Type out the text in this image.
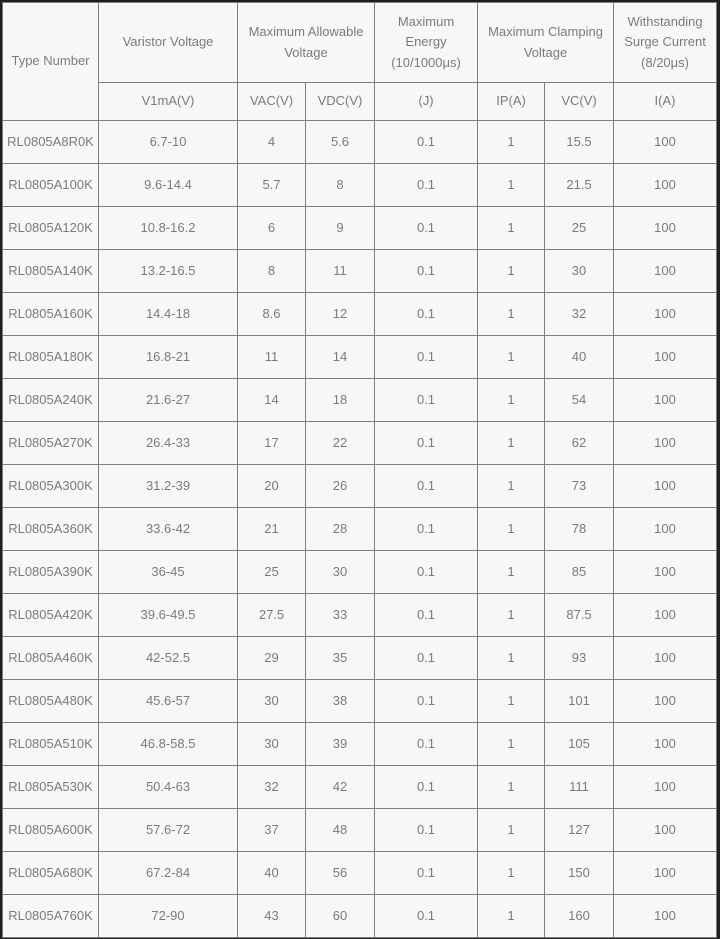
Type Number	Varistor Voltage	Maximum Allowable Voltage		Maximum Energy (10/1000μs)	Maximum Clamping Voltage		Withstanding Surge Current (8/20μs)
	V1mA(V)	VAC(V)	VDC(V)	(J)	IP(A)	VC(V)	I(A)
RL0805A8R0K	6.7-10	4	5.6	0.1	1	15.5	100
RL0805A100K	9.6-14.4	5.7	8	0.1	1	21.5	100
RL0805A120K	10.8-16.2	6	9	0.1	1	25	100
RL0805A140K	13.2-16.5	8	11	0.1	1	30	100
RL0805A160K	14.4-18	8.6	12	0.1	1	32	100
RL0805A180K	16.8-21	11	14	0.1	1	40	100
RL0805A240K	21.6-27	14	18	0.1	1	54	100
RL0805A270K	26.4-33	17	22	0.1	1	62	100
RL0805A300K	31.2-39	20	26	0.1	1	73	100
RL0805A360K	33.6-42	21	28	0.1	1	78	100
RL0805A390K	36-45	25	30	0.1	1	85	100
RL0805A420K	39.6-49.5	27.5	33	0.1	1	87.5	100
RL0805A460K	42-52.5	29	35	0.1	1	93	100
RL0805A480K	45.6-57	30	38	0.1	1	101	100
RL0805A510K	46.8-58.5	30	39	0.1	1	105	100
RL0805A530K	50.4-63	32	42	0.1	1	111	100
RL0805A600K	57.6-72	37	48	0.1	1	127	100
RL0805A680K	67.2-84	40	56	0.1	1	150	100
RL0805A760K	72-90	43	60	0.1	1	160	100
